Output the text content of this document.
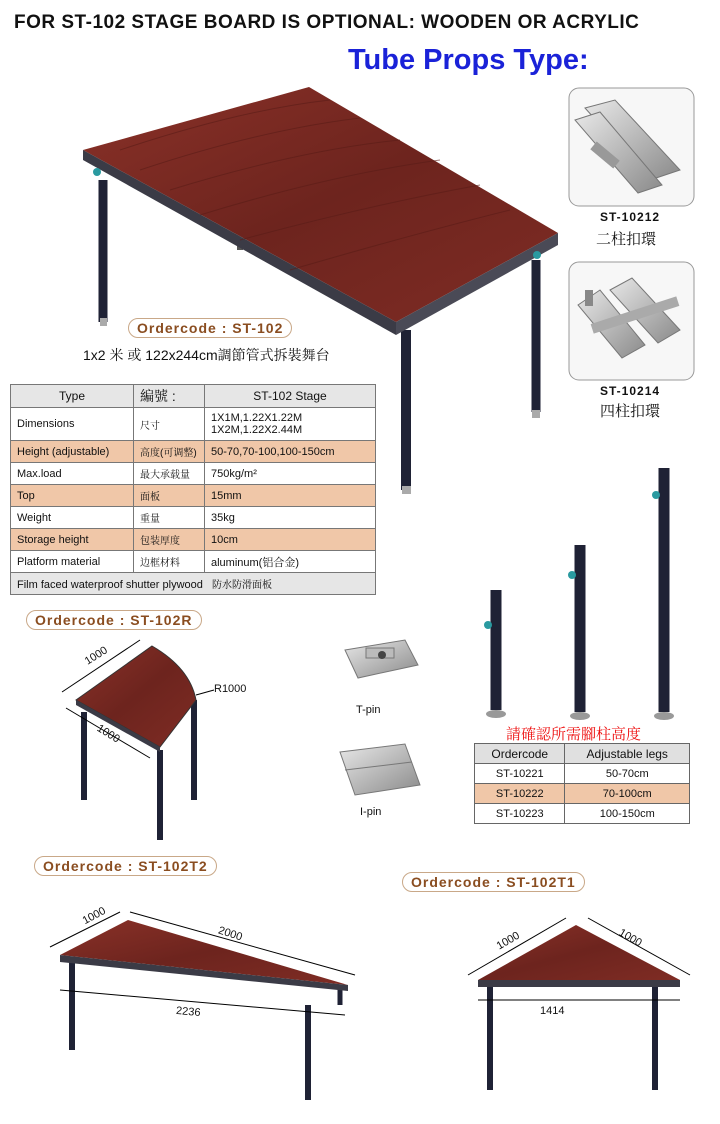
FOR ST-102 STAGE BOARD IS OPTIONAL: WOODEN OR ACRYLIC
Tube Props Type:
Ordercode : ST-102
1x2 米 或 122x244cm調節管式拆裝舞台
ST-10212
二柱扣環
ST-10214
四柱扣環
Type	編號 :	ST-102 Stage
Dimensions	尺寸	1X1M,1.22X1.22M
1X2M,1.22X2.44M

Height (adjustable)	高度(可调整)	50-70,70-100,100-150cm
Max.load	最大承载量	750kg/m²
Top	面板	15mm
Weight	重量	35kg
Storage height	包装厚度	10cm
Platform material	边框材料	aluminum(铝合金)
Film faced waterproof shutter plywood 防水防滑面板		
Ordercode : ST-102R
1000
1000
R1000
T-pin
I-pin
請確認所需腳柱高度
Ordercode	Adjustable legs
ST-10221	50-70cm
ST-10222	70-100cm
ST-10223	100-150cm
Ordercode : ST-102T2
1000
2000
2236
Ordercode : ST-102T1
1000	1000
1414
